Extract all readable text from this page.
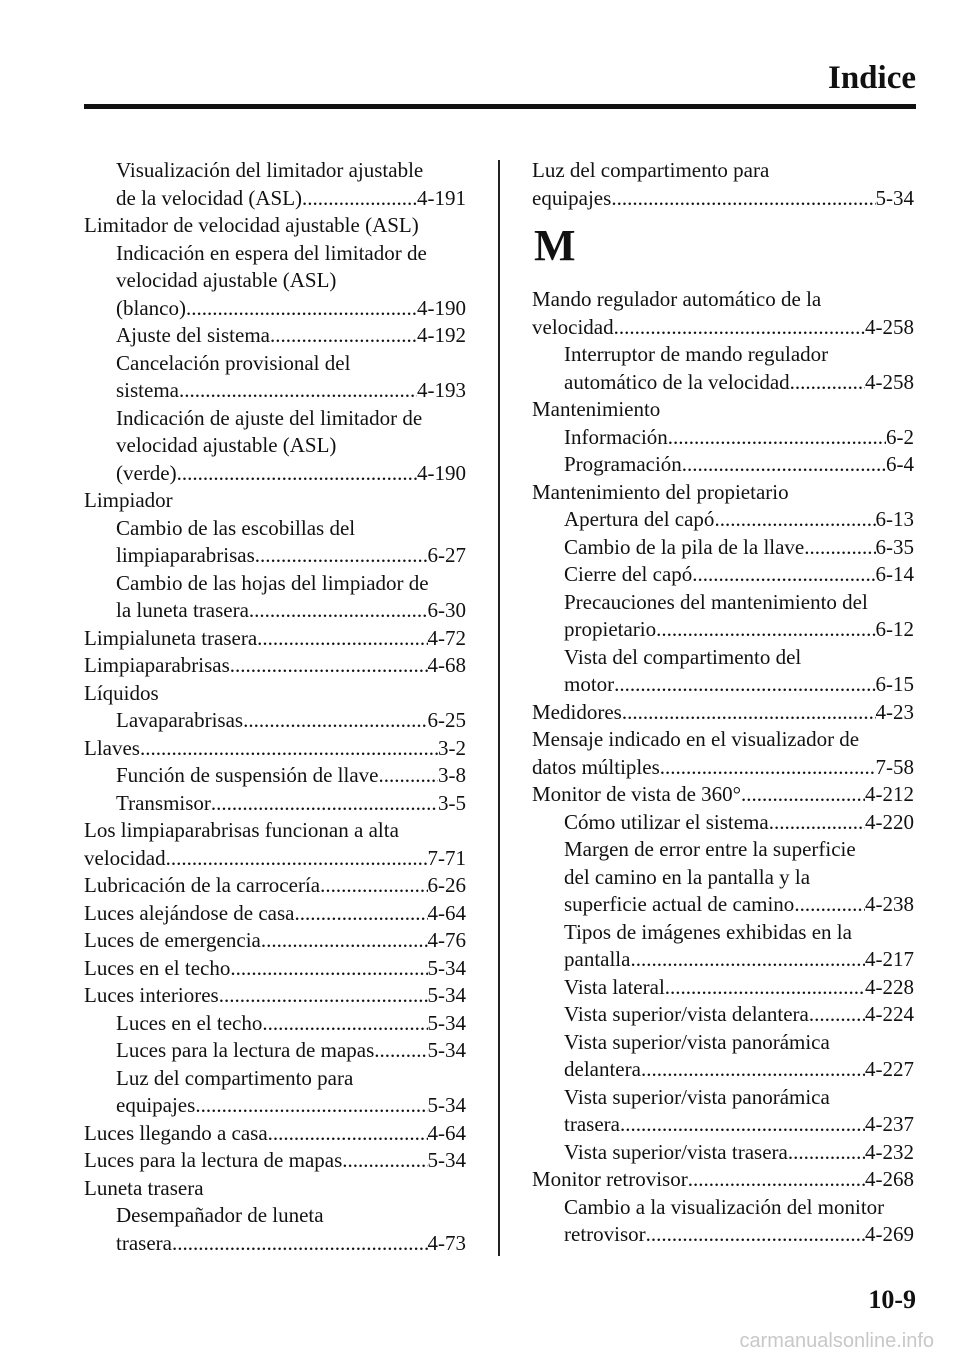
Indice
Visualización del limitador ajustable
de la velocidad (ASL) .....	4-191
Limitador de velocidad ajustable (ASL)
Indicación en espera del limitador de
velocidad ajustable (ASL)
(blanco) .....	4-190
Ajuste del sistema .....	4-192
Cancelación provisional del
sistema .....	4-193
Indicación de ajuste del limitador de
velocidad ajustable (ASL)
(verde) .....	4-190
Limpiador
Cambio de las escobillas del
limpiaparabrisas .....	6-27
Cambio de las hojas del limpiador de
la luneta trasera .....	6-30
Limpialuneta trasera .....	4-72
Limpiaparabrisas .....	4-68
Líquidos
Lavaparabrisas .....	6-25
Llaves .....	3-2
Función de suspensión de llave .....	3-8
Transmisor .....	3-5
Los limpiaparabrisas funcionan a alta
velocidad .....	7-71
Lubricación de la carrocería .....	6-26
Luces alejándose de casa .....	4-64
Luces de emergencia .....	4-76
Luces en el techo .....	5-34
Luces interiores .....	5-34
Luces en el techo .....	5-34
Luces para la lectura de mapas .....	5-34
Luz del compartimento para
equipajes .....	5-34
Luces llegando a casa .....	4-64
Luces para la lectura de mapas .....	5-34
Luneta trasera
Desempañador de luneta
trasera .....	4-73
Luz del compartimento para
equipajes .....	5-34
M
Mando regulador automático de la
velocidad .....	4-258
Interruptor de mando regulador
automático de la velocidad .....	4-258
Mantenimiento
Información .....	6-2
Programación .....	6-4
Mantenimiento del propietario
Apertura del capó .....	6-13
Cambio de la pila de la llave .....	6-35
Cierre del capó .....	6-14
Precauciones del mantenimiento del
propietario .....	6-12
Vista del compartimento del
motor .....	6-15
Medidores .....	4-23
Mensaje indicado en el visualizador de
datos múltiples .....	7-58
Monitor de vista de 360° .....	4-212
Cómo utilizar el sistema .....	4-220
Margen de error entre la superficie
del camino en la pantalla y la
superficie actual de camino .....	4-238
Tipos de imágenes exhibidas en la
pantalla .....	4-217
Vista lateral .....	4-228
Vista superior/vista delantera .....	4-224
Vista superior/vista panorámica
delantera .....	4-227
Vista superior/vista panorámica
trasera .....	4-237
Vista superior/vista trasera .....	4-232
Monitor retrovisor .....	4-268
Cambio a la visualización del monitor
retrovisor .....	4-269
10-9
carmanualsonline.info
